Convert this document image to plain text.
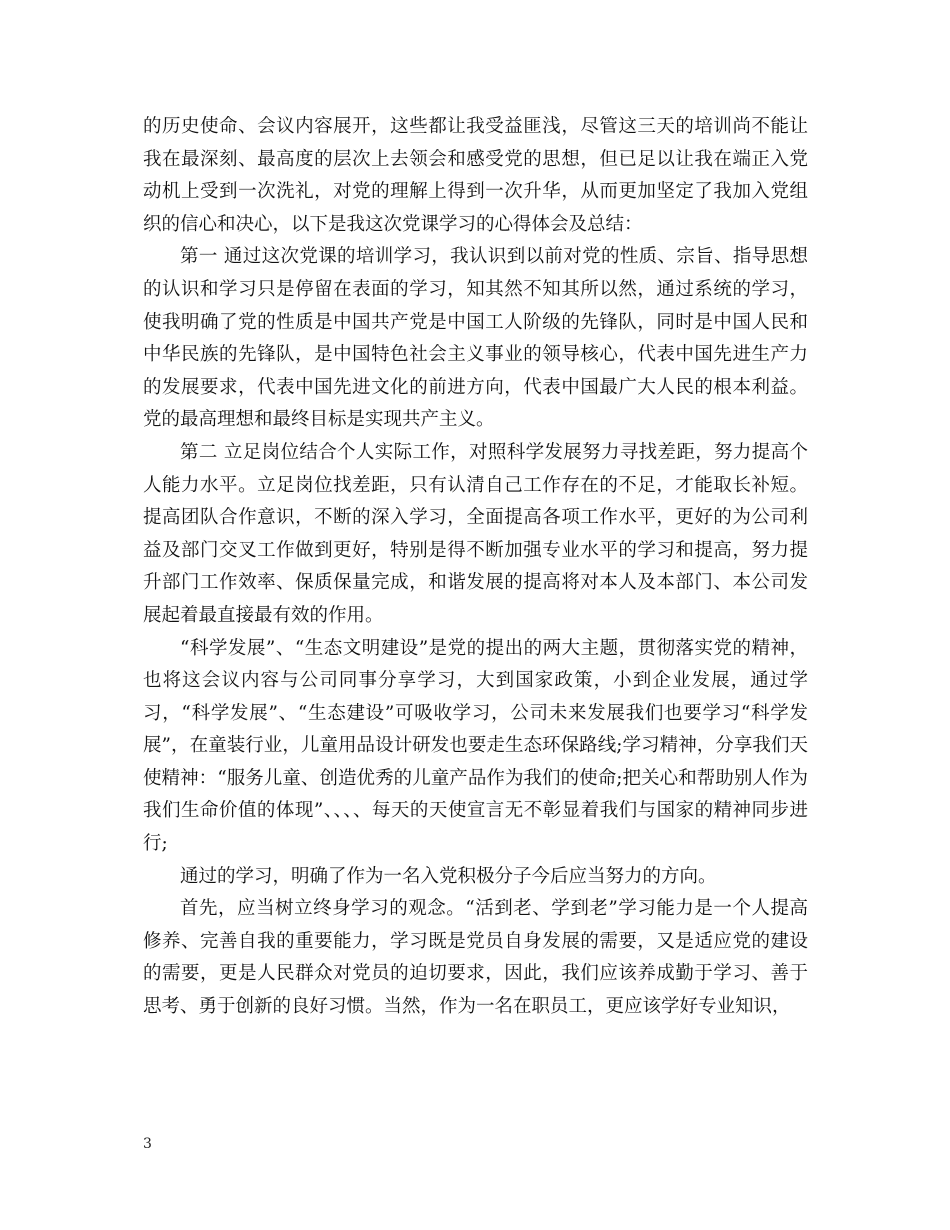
的历史使命、会议内容展开，这些都让我受益匪浅，尽管这三天的培训尚不能让我在最深刻、最高度的层次上去领会和感受党的思想，但已足以让我在端正入党动机上受到一次洗礼，对党的理解上得到一次升华，从而更加坚定了我加入党组织的信心和决心，以下是我这次党课学习的心得体会及总结：

第一 通过这次党课的培训学习，我认识到以前对党的性质、宗旨、指导思想的认识和学习只是停留在表面的学习，知其然不知其所以然，通过系统的学习，使我明确了党的性质是中国共产党是中国工人阶级的先锋队，同时是中国人民和中华民族的先锋队，是中国特色社会主义事业的领导核心，代表中国先进生产力的发展要求，代表中国先进文化的前进方向，代表中国最广大人民的根本利益。党的最高理想和最终目标是实现共产主义。

第二 立足岗位结合个人实际工作，对照科学发展努力寻找差距，努力提高个人能力水平。立足岗位找差距，只有认清自己工作存在的不足，才能取长补短。提高团队合作意识，不断的深入学习，全面提高各项工作水平，更好的为公司利益及部门交叉工作做到更好，特别是得不断加强专业水平的学习和提高，努力提升部门工作效率、保质保量完成，和谐发展的提高将对本人及本部门、本公司发展起着最直接最有效的作用。

“科学发展”、“生态文明建设”是党的提出的两大主题，贯彻落实党的精神，也将这会议内容与公司同事分享学习，大到国家政策，小到企业发展，通过学习，“科学发展”、“生态建设”可吸收学习，公司未来发展我们也要学习“科学发展”，在童装行业，儿童用品设计研发也要走生态环保路线;学习精神，分享我们天使精神：“服务儿童、创造优秀的儿童产品作为我们的使命;把关心和帮助别人作为我们生命价值的体现”、、、、每天的天使宣言无不彰显着我们与国家的精神同步进行;

通过的学习，明确了作为一名入党积极分子今后应当努力的方向。

首先，应当树立终身学习的观念。“活到老、学到老”学习能力是一个人提高修养、完善自我的重要能力，学习既是党员自身发展的需要，又是适应党的建设的需要，更是人民群众对党员的迫切要求，因此，我们应该养成勤于学习、善于思考、勇于创新的良好习惯。当然，作为一名在职员工，更应该学好专业知识，

3
